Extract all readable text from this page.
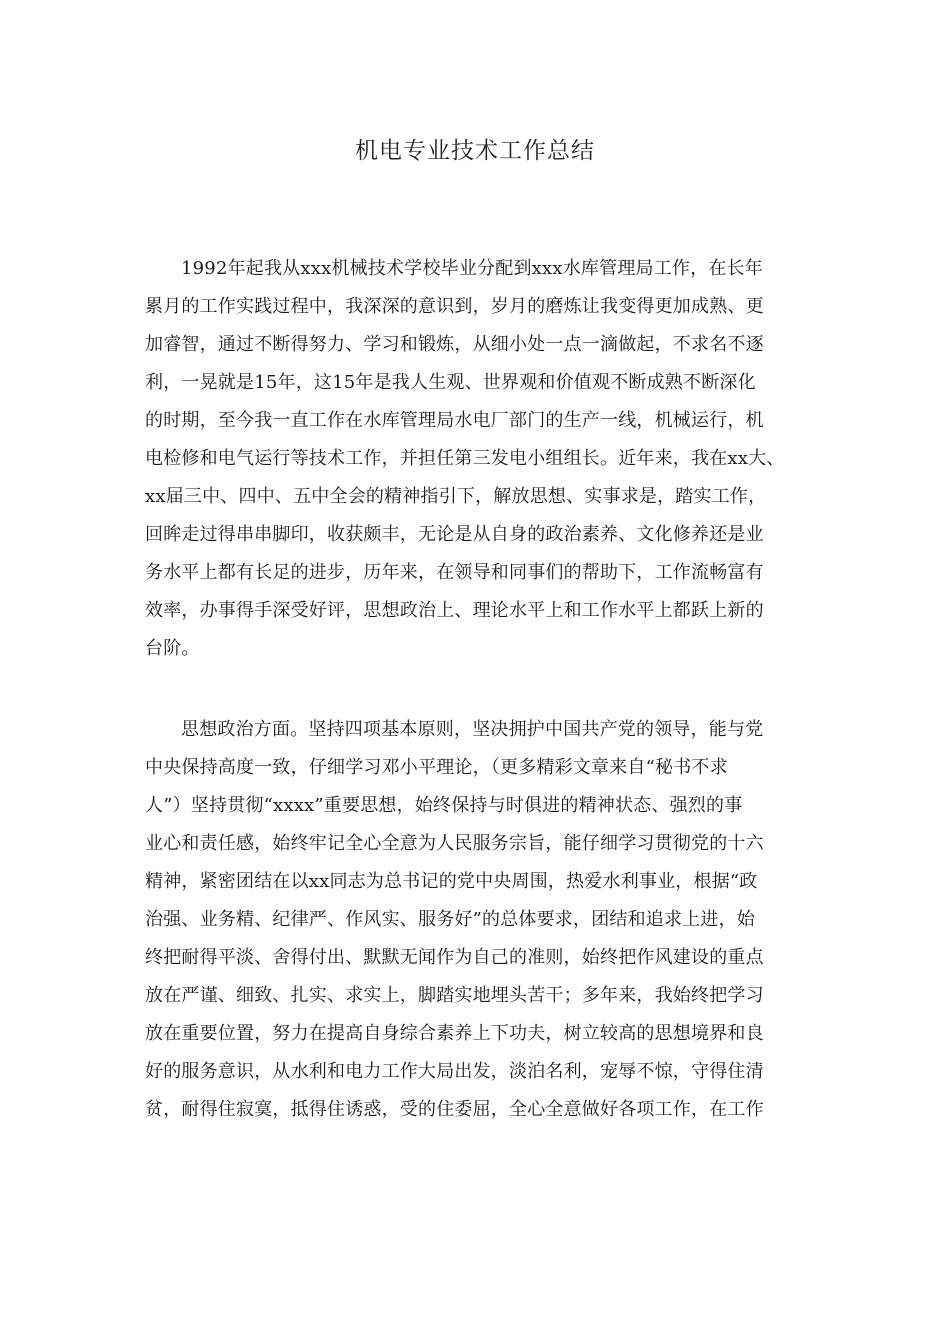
机电专业技术工作总结
1992年起我从xxx机械技术学校毕业分配到xxx水库管理局工作，在长年
累月的工作实践过程中，我深深的意识到，岁月的磨炼让我变得更加成熟、更
加睿智，通过不断得努力、学习和锻炼，从细小处一点一滴做起，不求名不逐
利，一晃就是15年，这15年是我人生观、世界观和价值观不断成熟不断深化
的时期，至今我一直工作在水库管理局水电厂部门的生产一线，机械运行，机
电检修和电气运行等技术工作，并担任第三发电小组组长。近年来，我在xx大、
xx届三中、四中、五中全会的精神指引下，解放思想、实事求是，踏实工作，
回眸走过得串串脚印，收获颇丰，无论是从自身的政治素养、文化修养还是业
务水平上都有长足的进步，历年来，在领导和同事们的帮助下，工作流畅富有
效率，办事得手深受好评，思想政治上、理论水平上和工作水平上都跃上新的
台阶。
思想政治方面。坚持四项基本原则，坚决拥护中国共产党的领导，能与党
中央保持高度一致，仔细学习邓小平理论，（更多精彩文章来自“秘书不求
人”）坚持贯彻“xxxx”重要思想，始终保持与时俱进的精神状态、强烈的事
业心和责任感，始终牢记全心全意为人民服务宗旨，能仔细学习贯彻党的十六
精神，紧密团结在以xx同志为总书记的党中央周围，热爱水利事业，根据“政
治强、业务精、纪律严、作风实、服务好”的总体要求，团结和追求上进，始
终把耐得平淡、舍得付出、默默无闻作为自己的准则，始终把作风建设的重点
放在严谨、细致、扎实、求实上，脚踏实地埋头苦干；多年来，我始终把学习
放在重要位置，努力在提高自身综合素养上下功夫，树立较高的思想境界和良
好的服务意识，从水利和电力工作大局出发，淡泊名利，宠辱不惊，守得住清
贫，耐得住寂寞，抵得住诱惑，受的住委屈，全心全意做好各项工作，在工作
